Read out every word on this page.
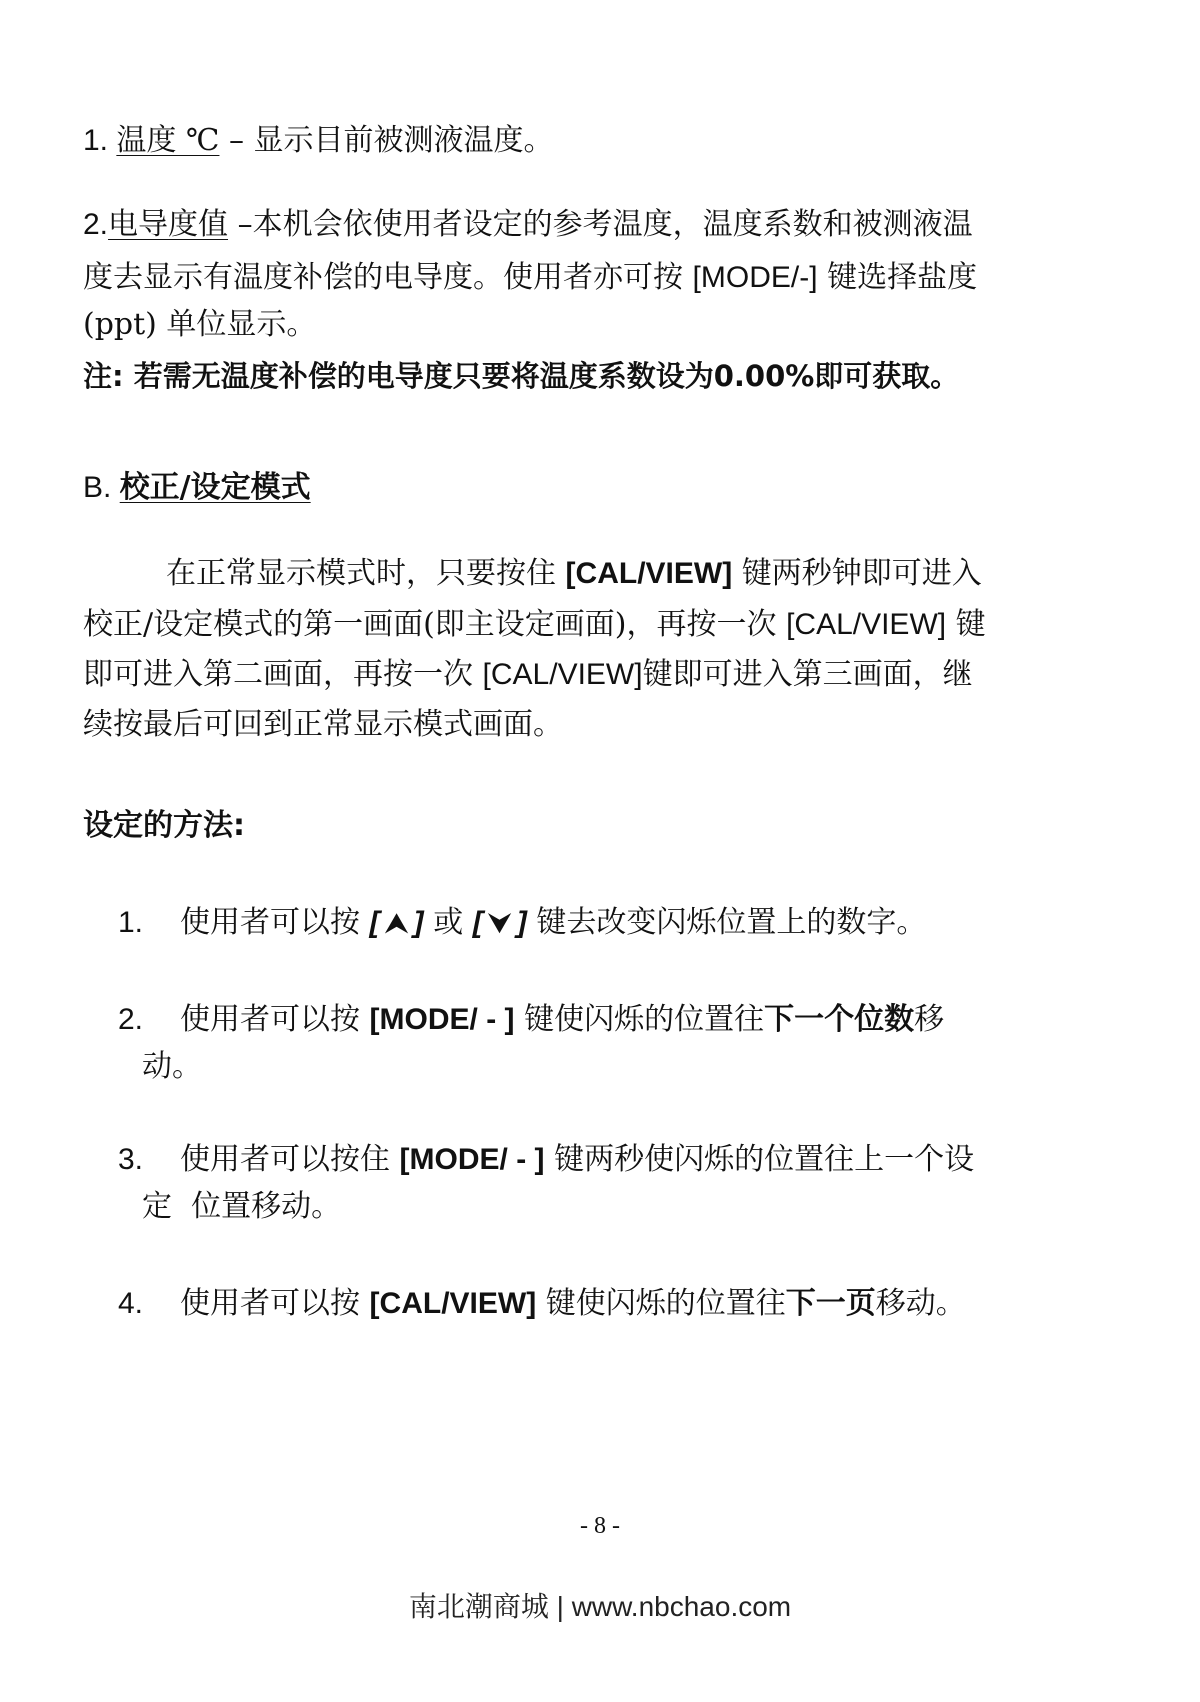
1. 温度 ℃ – 显示目前被测液温度。
2.电导度值 –本机会依使用者设定的参考温度，温度系数和被测液温
度去显示有温度补偿的电导度。使用者亦可按 [MODE/-] 键选择盐度
(ppt) 单位显示。
注: 若需无温度补偿的电导度只要将温度系数设为0.00%即可获取。
B. 校正/设定模式
在正常显示模式时，只要按住 [CAL/VIEW] 键两秒钟即可进入
校正/设定模式的第一画面(即主设定画面)，再按一次 [CAL/VIEW] 键
即可进入第二画面，再按一次 [CAL/VIEW]键即可进入第三画面，继
续按最后可回到正常显示模式画面。
设定的方法:
1. 使用者可以按 [ ⮝ ] 或 [ ⮟ ] 键去改变闪烁位置上的数字。
2. 使用者可以按 [MODE/ - ] 键使闪烁的位置往下一个位数移
动。
3. 使用者可以按住 [MODE/ - ] 键两秒使闪烁的位置往上一个设
定  位置移动。
4. 使用者可以按 [CAL/VIEW] 键使闪烁的位置往下一页移动。
- 8 -
南北潮商城 | www.nbchao.com
